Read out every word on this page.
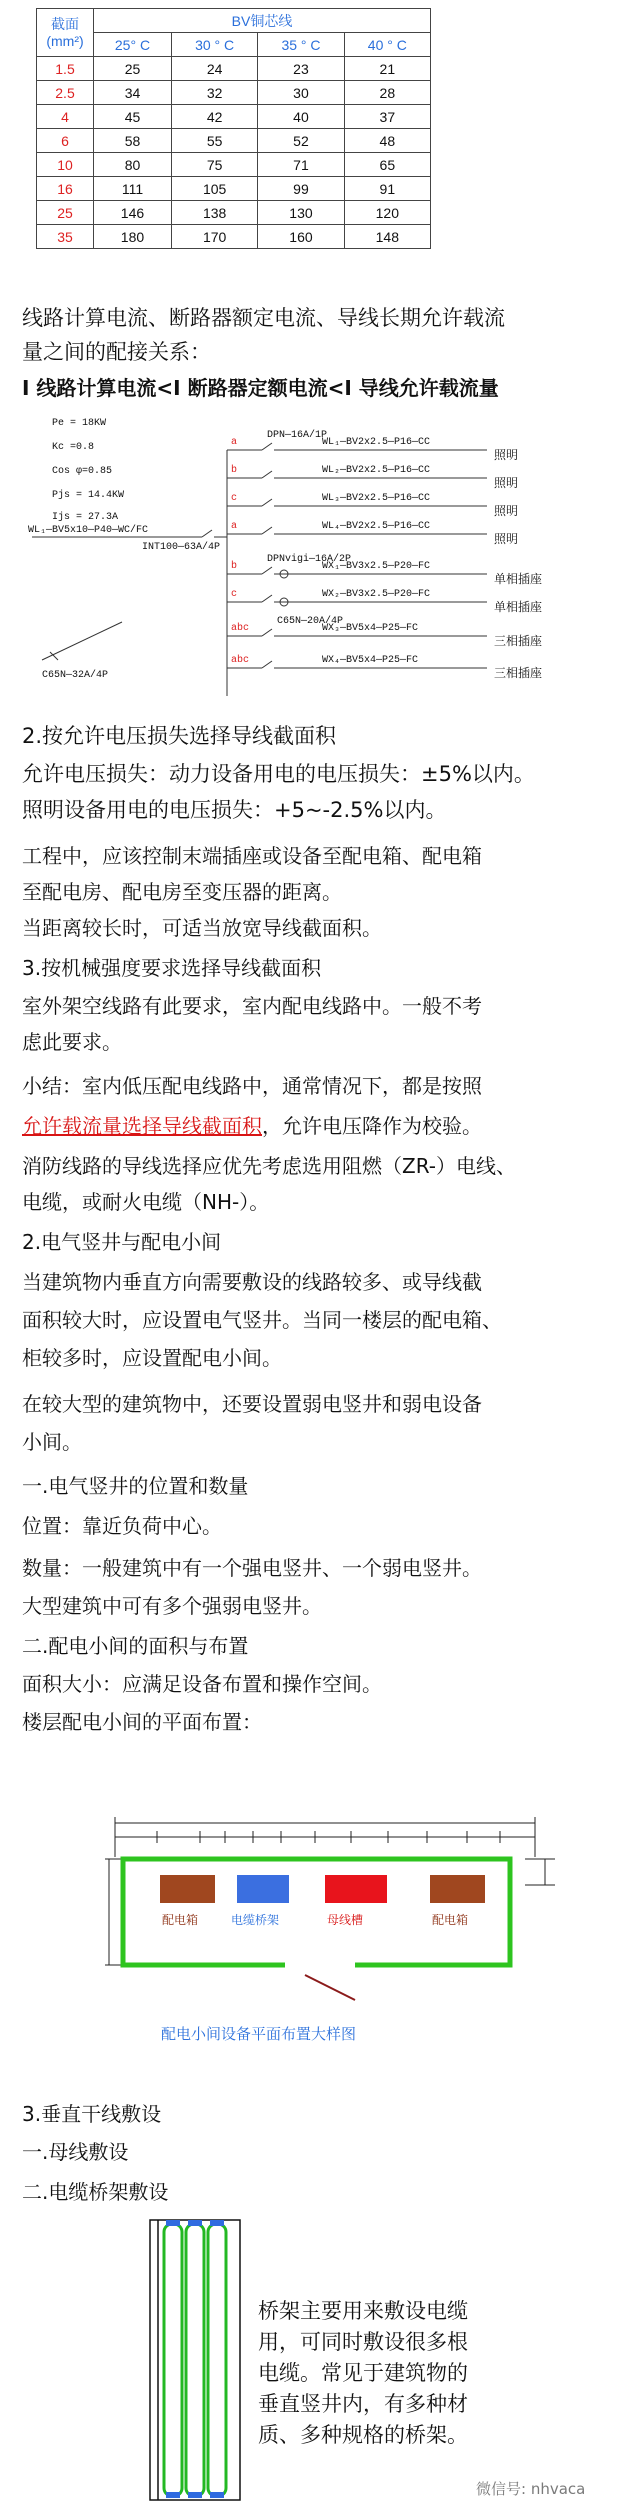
截面
(mm²)	BV铜芯线			
	25° C	30 ° C	35 ° C	40 ° C
1.5	25	24	23	21
2.5	34	32	30	28
4	45	42	40	37
6	58	55	52	48
10	80	75	71	65
16	111	105	99	91
25	146	138	130	120
35	180	170	160	148
线路计算电流、断路器额定电流、导线长期允许载流
量之间的配接关系：
I 线路计算电流<I 断路器定额电流<I 导线允许载流量
Pe = 18KW
Kc =0.8
Cos φ=0.85
Pjs = 14.4KW
Ijs = 27.3A
WL₁—BV5x10—P40—WC/FC
INT100—63A/4P
C65N—32A/4P
DPN—16A/1P
DPNvigi—16A/2P
C65N—20A/4P
a	WL₁—BV2x2.5—P16—CC
照明
b	WL₂—BV2x2.5—P16—CC
照明
c	WL₃—BV2x2.5—P16—CC
照明
a	WL₄—BV2x2.5—P16—CC
照明
b	WX₁—BV3x2.5—P20—FC
单相插座
c	WX₂—BV3x2.5—P20—FC
单相插座
abc	WX₃—BV5x4—P25—FC
三相插座
abc	WX₄—BV5x4—P25—FC
三相插座
2.按允许电压损失选择导线截面积
允许电压损失：动力设备用电的电压损失：±5%以内。
照明设备用电的电压损失：+5~-2.5%以内。
工程中，应该控制末端插座或设备至配电箱、配电箱
至配电房、配电房至变压器的距离。
当距离较长时，可适当放宽导线截面积。
3.按机械强度要求选择导线截面积
室外架空线路有此要求，室内配电线路中。一般不考
虑此要求。
小结：室内低压配电线路中，通常情况下，都是按照
允许载流量选择导线截面积，允许电压降作为校验。
消防线路的导线选择应优先考虑选用阻燃（ZR-）电线、
电缆，或耐火电缆（NH-）。
2.电气竖井与配电小间
当建筑物内垂直方向需要敷设的线路较多、或导线截
面积较大时，应设置电气竖井。当同一楼层的配电箱、
柜较多时，应设置配电小间。
在较大型的建筑物中，还要设置弱电竖井和弱电设备
小间。
一.电气竖井的位置和数量
位置：靠近负荷中心。
数量：一般建筑中有一个强电竖井、一个弱电竖井。
大型建筑中可有多个强弱电竖井。
二.配电小间的面积与布置
面积大小：应满足设备布置和操作空间。
楼层配电小间的平面布置：
配电箱	电缆桥架	母线槽	配电箱
配电小间设备平面布置大样图
3.垂直干线敷设
一.母线敷设
二.电缆桥架敷设
桥架主要用来敷设电缆用，可同时敷设很多根电缆。常见于建筑物的垂直竖井内，有多种材质、多种规格的桥架。
微信号: nhvaca
